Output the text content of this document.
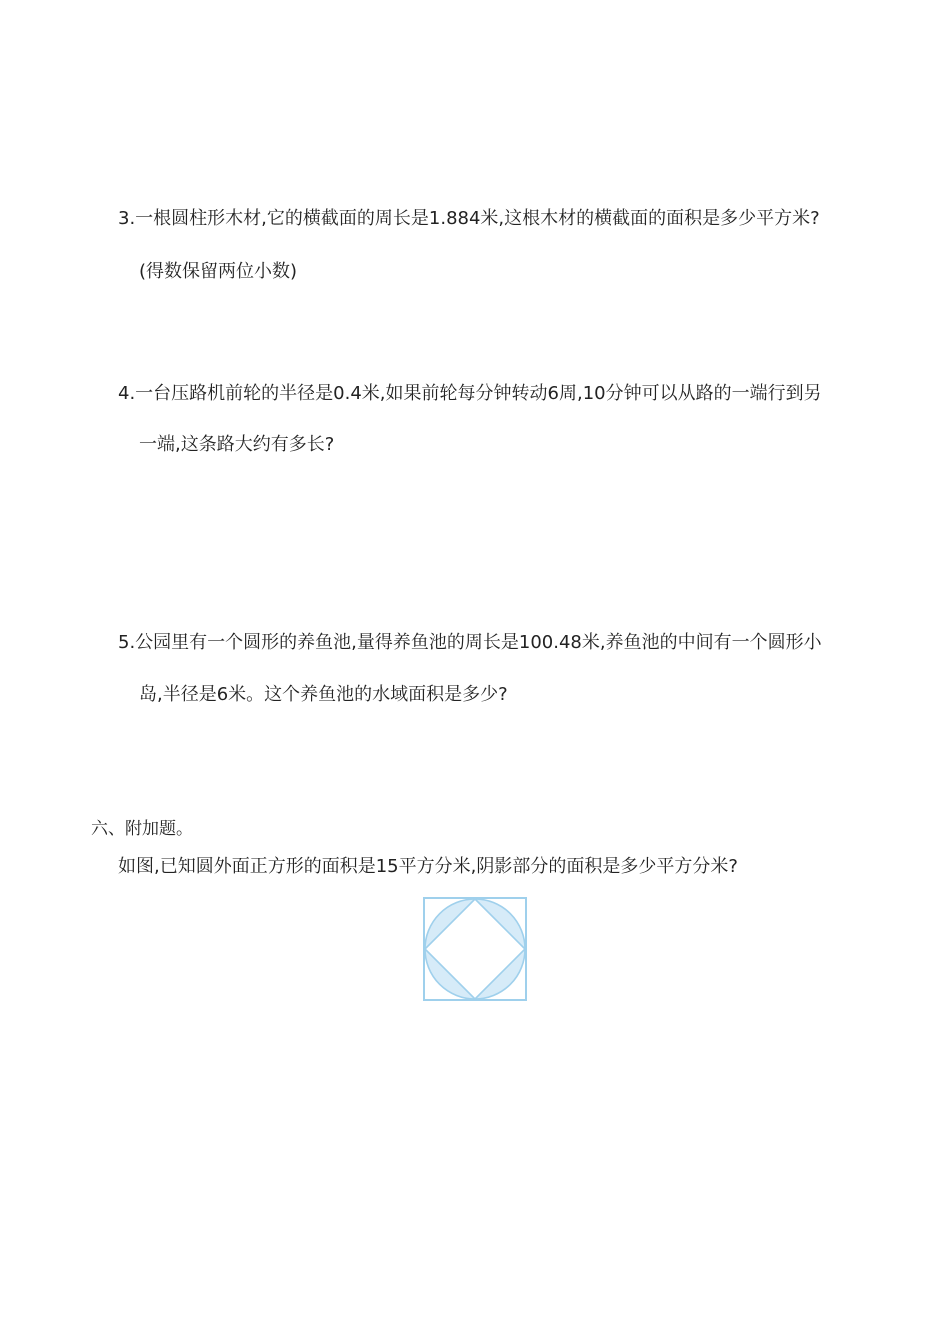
3.一根圆柱形木材,它的横截面的周长是1.884米,这根木材的横截面的面积是多少平方米?
(得数保留两位小数)
4.一台压路机前轮的半径是0.4米,如果前轮每分钟转动6周,10分钟可以从路的一端行到另
一端,这条路大约有多长?
5.公园里有一个圆形的养鱼池,量得养鱼池的周长是100.48米,养鱼池的中间有一个圆形小
岛,半径是6米。这个养鱼池的水域面积是多少?
六、附加题。
如图,已知圆外面正方形的面积是15平方分米,阴影部分的面积是多少平方分米?
